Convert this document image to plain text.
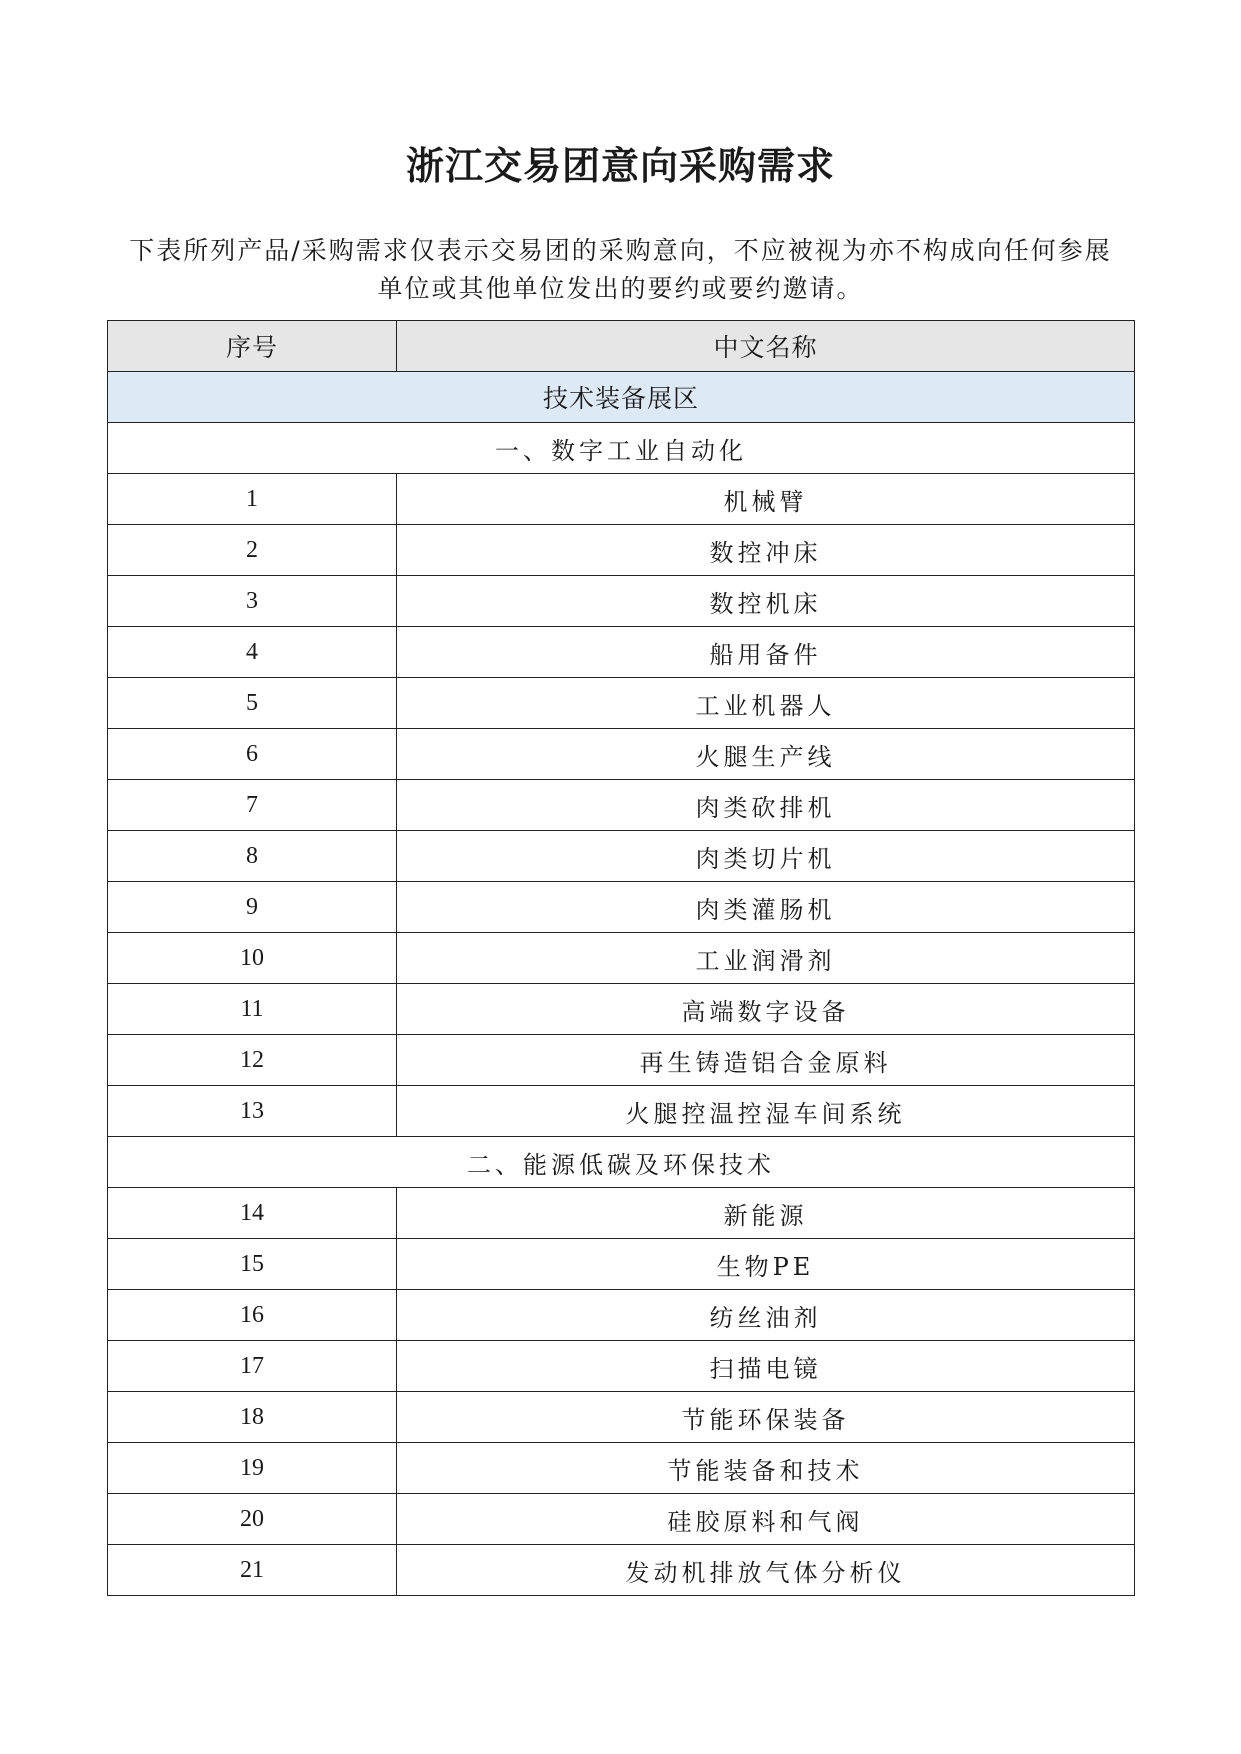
浙江交易团意向采购需求
下表所列产品/采购需求仅表示交易团的采购意向，不应被视为亦不构成向任何参展
单位或其他单位发出的要约或要约邀请。
序号	中文名称
技术装备展区	
一、数字工业自动化	
1	机械臂
2	数控冲床
3	数控机床
4	船用备件
5	工业机器人
6	火腿生产线
7	肉类砍排机
8	肉类切片机
9	肉类灌肠机
10	工业润滑剂
11	高端数字设备
12	再生铸造铝合金原料
13	火腿控温控湿车间系统
二、能源低碳及环保技术	
14	新能源
15	生物PE
16	纺丝油剂
17	扫描电镜
18	节能环保装备
19	节能装备和技术
20	硅胶原料和气阀
21	发动机排放气体分析仪
